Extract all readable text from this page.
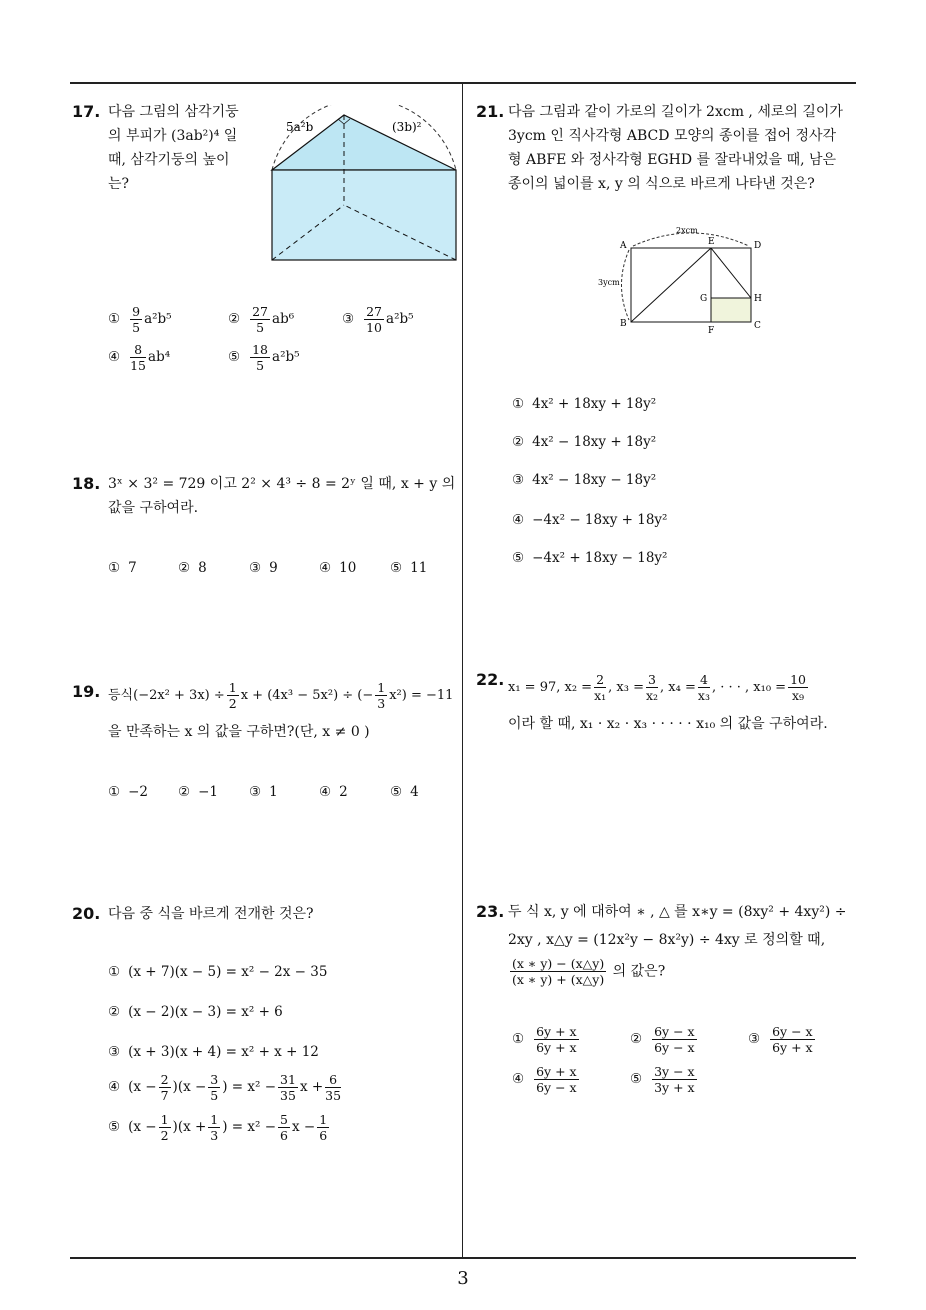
17. 다음 그림의 삼각기둥
의 부피가 (3ab²)⁴ 일
때, 삼각기둥의 높이
는?
5a²b	(3b)²
① $\frac{9}{5} a^2b^5$	② $\frac{27}{5} ab^6$	③ $\frac{27}{10} a^2b^5$
④ $\frac{8}{15} ab^4$	⑤ $\frac{18}{5} a^2b^5$
18. 3ˣ × 3² = 729 이고 2² × 4³ ÷ 8 = 2ʸ 일 때, x + y 의
값을 구하여라.
① 7	② 8	③ 9	④ 10 ⑤ 11
19. 등식$(-2x^2 + 3x) \div \frac{1}{2}$ x + (4x³ − 5x²) ÷ (− $\frac{1}{3} x^2) = -11$
을 만족하는 x 의 값을 구하면?(단, x ≠ 0 )
① −2 ② −1 ③ 1	④ 2	⑤ 4
20. 다음 중 식을 바르게 전개한 것은?
① (x + 7)(x − 5) = x² − 2x − 35
② (x − 2)(x − 3) = x² + 6
③ (x + 3)(x + 4) = x² + x + 12
④ $(x - \frac{2}{7} )(x - \frac{3}{5}$ ) = $x^2 - \frac{31}{35}$ $x + \frac{6}{35}$
⑤ $(x - \frac{1}{2} )(x + \frac{1}{3}$ ) = $x^2 - \frac{5}{6}$ $x - \frac{1}{6}$
21. 다음 그림과 같이 가로의 길이가 2xcm , 세로의 길이가
3ycm 인 직사각형 ABCD 모양의 종이를 접어 정사각
형 ABFE 와 정사각형 EGHD 를 잘라내었을 때, 남은
종이의 넓이를 x, y 의 식으로 바르게 나타낸 것은?
2xcm
3ycm
A	E	D
B
F	C
G	H
① 4x² + 18xy + 18y²
② 4x² − 18xy + 18y²
③ 4x² − 18xy − 18y²
④ −4x² − 18xy + 18y²
⑤ −4x² + 18xy − 18y²
22. x₁ = 97, $x_2 = \frac{2}{\text{x₁}}$ , $x_3 = \frac{3}{\text{x₂}}$ , $x_4 = \frac{4}{\text{x₃}}$ , · · · , $x_{10} = \frac{10}{\text{x₉}}$
이라 할 때, x₁ · x₂ · x₃ · · · · · x₁₀ 의 값을 구하여라.
23. 두 식 x, y 에 대하여 ∗ , △ 를 x∗y = (8xy² + 4xy²) ÷
2xy , x△y = (12x²y − 8x²y) ÷ 4xy 로 정의할 때,
$\frac{(x ∗ y) - (x\triangle y)}{(x ∗ y) + (x\triangle y)}$ 의 값은?
① $\frac{6y + x}{6y + x}$	② $\frac{6y - x}{6y - x}$	③ $\frac{6y - x}{6y + x}$
④ $\frac{6y + x}{6y - x}$	⑤ $\frac{3y - x}{3y + x}$
3
